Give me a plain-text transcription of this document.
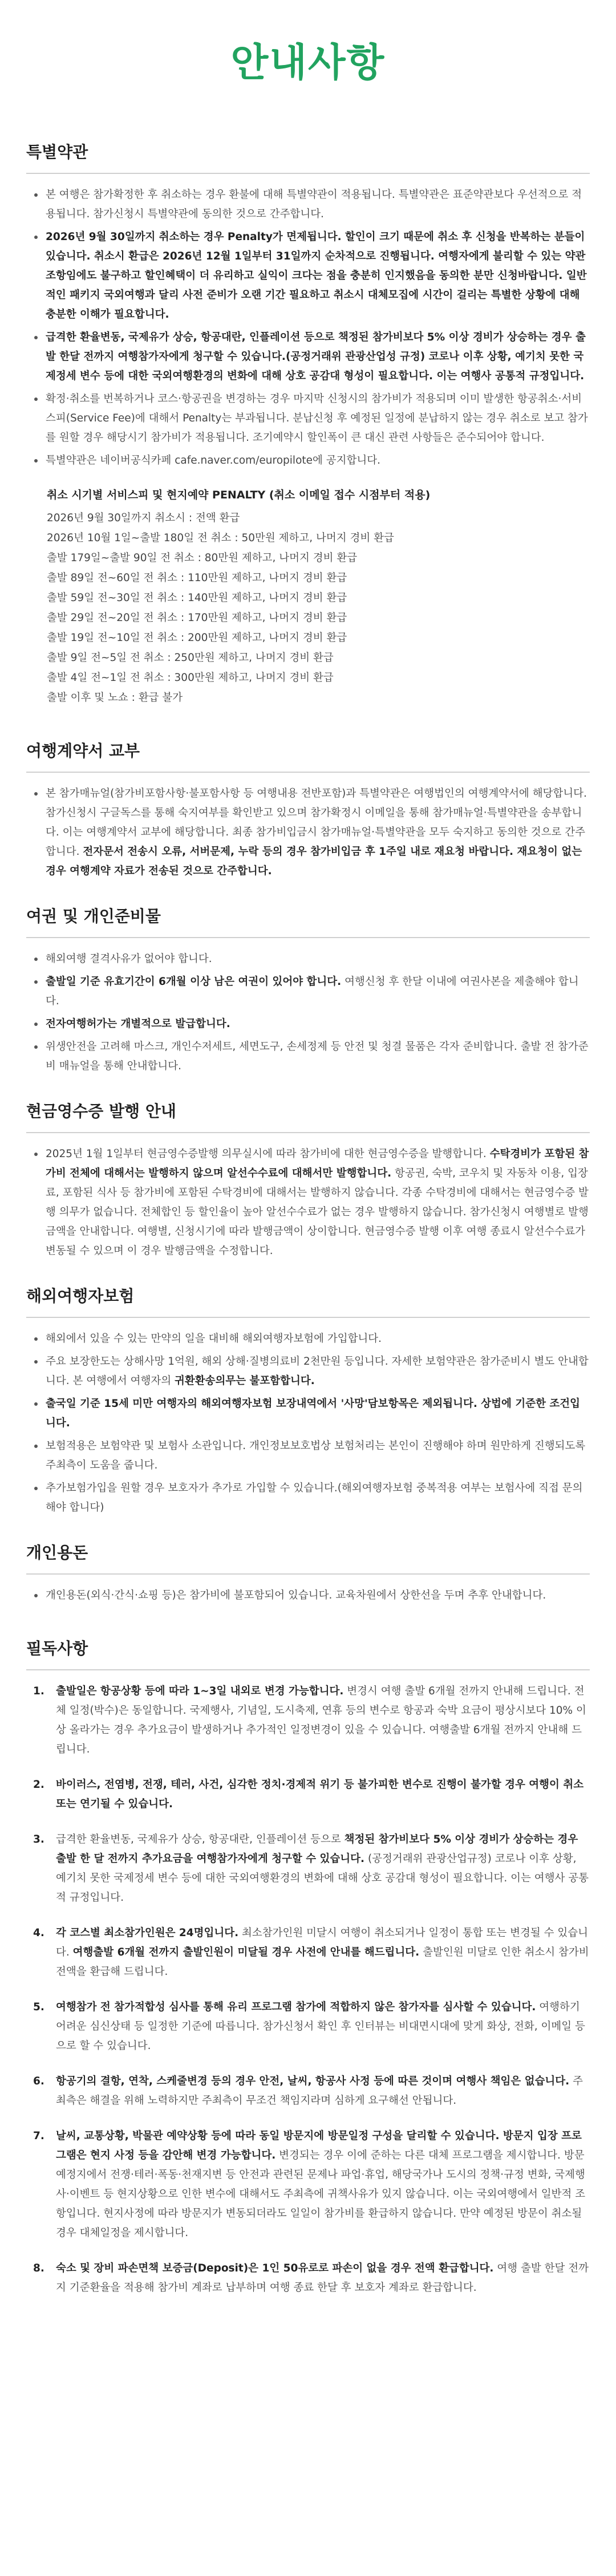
안내사항
특별약관
본 여행은 참가확정한 후 취소하는 경우 환불에 대해 특별약관이 적용됩니다. 특별약관은 표준약관보다 우선적으로 적용됩니다. 참가신청시 특별약관에 동의한 것으로 간주합니다.
2026년 9월 30일까지 취소하는 경우 Penalty가 면제됩니다. 할인이 크기 때문에 취소 후 신청을 반복하는 분들이 있습니다. 취소시 환급은 2026년 12월 1일부터 31일까지 순차적으로 진행됩니다. 여행자에게 불리할 수 있는 약관 조항임에도 불구하고 할인혜택이 더 유리하고 실익이 크다는 점을 충분히 인지했음을 동의한 분만 신청바랍니다. 일반적인 패키지 국외여행과 달리 사전 준비가 오랜 기간 필요하고 취소시 대체모집에 시간이 걸리는 특별한 상황에 대해 충분한 이해가 필요합니다.
급격한 환율변동, 국제유가 상승, 항공대란, 인플레이션 등으로 책정된 참가비보다 5% 이상 경비가 상승하는 경우 출발 한달 전까지 여행참가자에게 청구할 수 있습니다.(공정거래위 관광산업성 규정) 코로나 이후 상황, 예기치 못한 국제정세 변수 등에 대한 국외여행환경의 변화에 대해 상호 공감대 형성이 필요합니다. 이는 여행사 공통적 규정입니다.
확정·취소를 번복하거나 코스·항공권을 변경하는 경우 마지막 신청시의 참가비가 적용되며 이미 발생한 항공취소·서비스피(Service Fee)에 대해서 Penalty는 부과됩니다. 분납신청 후 예정된 일정에 분납하지 않는 경우 취소로 보고 참가를 원할 경우 해당시기 참가비가 적용됩니다. 조기예약시 할인폭이 큰 대신 관련 사항들은 준수되어야 합니다.
특별약관은 네이버공식카페 cafe.naver.com/europilote에 공지합니다.
취소 시기별 서비스피 및 현지예약 PENALTY (취소 이메일 접수 시점부터 적용)
2026년 9월 30일까지 취소시 : 전액 환급
2026년 10월 1일~출발 180일 전 취소 : 50만원 제하고, 나머지 경비 환급
출발 179일~출발 90일 전 취소 : 80만원 제하고, 나머지 경비 환급
출발 89일 전~60일 전 취소 : 110만원 제하고, 나머지 경비 환급
출발 59일 전~30일 전 취소 : 140만원 제하고, 나머지 경비 환급
출발 29일 전~20일 전 취소 : 170만원 제하고, 나머지 경비 환급
출발 19일 전~10일 전 취소 : 200만원 제하고, 나머지 경비 환급
출발 9일 전~5일 전 취소 : 250만원 제하고, 나머지 경비 환급
출발 4일 전~1일 전 취소 : 300만원 제하고, 나머지 경비 환급
출발 이후 및 노쇼 : 환급 불가
여행계약서 교부
본 참가매뉴얼(참가비포함사항·불포함사항 등 여행내용 전반포함)과 특별약관은 여행법인의 여행계약서에 해당합니다. 참가신청시 구글독스를 통해 숙지여부를 확인받고 있으며 참가확정시 이메일을 통해 참가매뉴얼·특별약관을 송부합니다. 이는 여행계약서 교부에 해당합니다. 최종 참가비입금시 참가매뉴얼·특별약관을 모두 숙지하고 동의한 것으로 간주합니다. 전자문서 전송시 오류, 서버문제, 누락 등의 경우 참가비입금 후 1주일 내로 재요청 바랍니다. 재요청이 없는 경우 여행계약 자료가 전송된 것으로 간주합니다.
여권 및 개인준비물
해외여행 결격사유가 없어야 합니다.
출발일 기준 유효기간이 6개월 이상 남은 여권이 있어야 합니다. 여행신청 후 한달 이내에 여권사본을 제출해야 합니다.
전자여행허가는 개별적으로 발급합니다.
위생안전을 고려해 마스크, 개인수저세트, 세면도구, 손세정제 등 안전 및 청결 물품은 각자 준비합니다. 출발 전 참가준비 매뉴얼을 통해 안내합니다.
현금영수증 발행 안내
2025년 1월 1일부터 현금영수증발행 의무실시에 따라 참가비에 대한 현금영수증을 발행합니다. 수탁경비가 포함된 참가비 전체에 대해서는 발행하지 않으며 알선수수료에 대해서만 발행합니다. 항공권, 숙박, 코우치 및 자동차 이용, 입장료, 포함된 식사 등 참가비에 포함된 수탁경비에 대해서는 발행하지 않습니다. 각종 수탁경비에 대해서는 현금영수증 발행 의무가 없습니다. 전체합인 등 할인율이 높아 알선수수료가 없는 경우 발행하지 않습니다. 참가신청시 여행별로 발행금액을 안내합니다. 여행별, 신청시기에 따라 발행금액이 상이합니다. 현금영수증 발행 이후 여행 종료시 알선수수료가 변동될 수 있으며 이 경우 발행금액을 수정합니다.
해외여행자보험
해외에서 있을 수 있는 만약의 일을 대비해 해외여행자보험에 가입합니다.
주요 보장한도는 상해사망 1억원, 해외 상해·질병의료비 2천만원 등입니다. 자세한 보험약관은 참가준비시 별도 안내합니다. 본 여행에서 여행자의 귀환환송의무는 불포함합니다.
출국일 기준 15세 미만 여행자의 해외여행자보험 보장내역에서 '사망'담보항목은 제외됩니다. 상법에 기준한 조건입니다.
보험적용은 보험약관 및 보험사 소관입니다. 개인정보보호법상 보험처리는 본인이 진행해야 하며 원만하게 진행되도록 주최측이 도움을 줍니다.
추가보험가입을 원할 경우 보호자가 추가로 가입할 수 있습니다.(해외여행자보험 중복적용 여부는 보험사에 직접 문의해야 합니다)
개인용돈
개인용돈(외식·간식·쇼핑 등)은 참가비에 불포함되어 있습니다. 교육차원에서 상한선을 두며 추후 안내합니다.
필독사항
1. 출발일은 항공상황 등에 따라 1~3일 내외로 변경 가능합니다. 변경시 여행 출발 6개월 전까지 안내해 드립니다. 전체 일정(박수)은 동일합니다. 국제행사, 기념일, 도시축제, 연휴 등의 변수로 항공과 숙박 요금이 평상시보다 10% 이상 올라가는 경우 추가요금이 발생하거나 추가적인 일정변경이 있을 수 있습니다. 여행출발 6개월 전까지 안내해 드립니다.
2. 바이러스, 전염병, 전쟁, 테러, 사건, 심각한 정치·경제적 위기 등 불가피한 변수로 진행이 불가할 경우 여행이 취소 또는 연기될 수 있습니다.
3. 급격한 환율변동, 국제유가 상승, 항공대란, 인플레이션 등으로 책정된 참가비보다 5% 이상 경비가 상승하는 경우 출발 한 달 전까지 추가요금을 여행참가자에게 청구할 수 있습니다. (공정거래위 관광산업규정) 코로나 이후 상황, 예기치 못한 국제정세 변수 등에 대한 국외여행환경의 변화에 대해 상호 공감대 형성이 필요합니다. 이는 여행사 공통적 규정입니다.
4. 각 코스별 최소참가인원은 24명입니다. 최소참가인원 미달시 여행이 취소되거나 일정이 통합 또는 변경될 수 있습니다. 여행출발 6개월 전까지 출발인원이 미달될 경우 사전에 안내를 해드립니다. 출발인원 미달로 인한 취소시 참가비 전액을 환급해 드립니다.
5. 여행참가 전 참가적합성 심사를 통해 유리 프로그램 참가에 적합하지 않은 참가자를 심사할 수 있습니다. 여행하기 어려운 심신상태 등 일정한 기준에 따릅니다. 참가신청서 확인 후 인터뷰는 비대면시대에 맞게 화상, 전화, 이메일 등으로 할 수 있습니다.
6. 항공기의 결항, 연착, 스케줄변경 등의 경우 안전, 날씨, 항공사 사정 등에 따른 것이며 여행사 책임은 없습니다. 주최측은 해결을 위해 노력하지만 주최측이 무조건 책임지라며 심하게 요구해선 안됩니다.
7. 날씨, 교통상황, 박물관 예약상황 등에 따라 동일 방문지에 방문일정 구성을 달리할 수 있습니다. 방문지 입장 프로그램은 현지 사정 등을 감안해 변경 가능합니다. 변경되는 경우 이에 준하는 다른 대체 프로그램을 제시합니다. 방문 예정지에서 전쟁·테러·폭동·천재지변 등 안전과 관련된 문제나 파업·휴업, 해당국가나 도시의 정책·규정 변화, 국제행사·이벤트 등 현지상황으로 인한 변수에 대해서도 주최측에 귀책사유가 있지 않습니다. 이는 국외여행에서 일반적 조항입니다. 현지사정에 따라 방문지가 변동되더라도 일일이 참가비를 환급하지 않습니다. 만약 예정된 방문이 취소될 경우 대체일정을 제시합니다.
8. 숙소 및 장비 파손면책 보증금(Deposit)은 1인 50유로로 파손이 없을 경우 전액 환급합니다. 여행 출발 한달 전까지 기준환율을 적용해 참가비 계좌로 납부하며 여행 종료 한달 후 보호자 계좌로 환급합니다.
